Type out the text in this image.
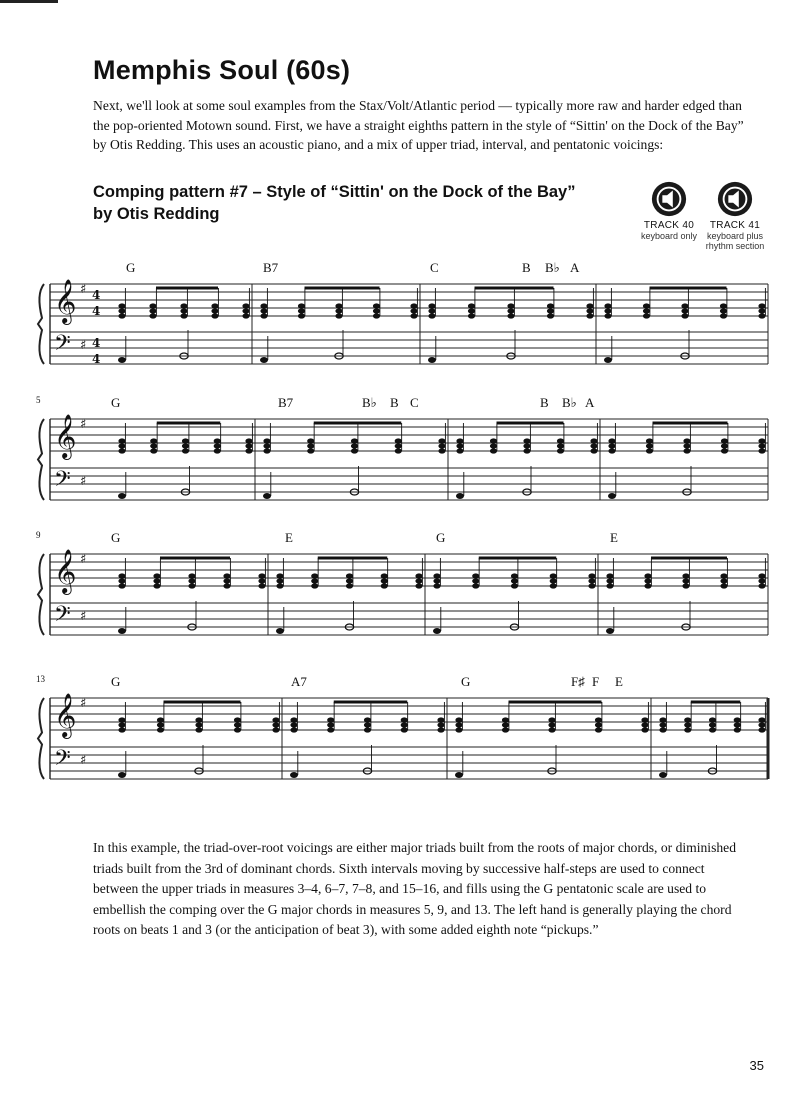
Memphis Soul (60s)

Next, we'll look at some soul examples from the Stax/Volt/Atlantic period — typically more raw and harder edged than the pop-oriented Motown sound. First, we have a straight eighths pattern in the style of “Sittin' on the Dock of the Bay” by Otis Redding. This uses an acoustic piano, and a mix of upper triad, interval, and pentatonic voicings:

Comping pattern #7 – Style of “Sittin' on the Dock of the Bay”
by Otis Redding
TRACK 40
keyboard only
TRACK 41
keyboard plus
rhythm section
𝄞
𝄢
♯
♯
4
4
4
4
G	B7	C	B B♭ A
𝄞
𝄢
♯
♯
5	G	B7	B♭ B C	B B♭ A
𝄞
𝄢
♯
♯
9	G	E	G	E
𝄞
𝄢
♯
♯
13	G	A7	G	F♯ F E

In this example, the triad-over-root voicings are either major triads built from the roots of major chords, or diminished triads built from the 3rd of dominant chords. Sixth intervals moving by successive half-steps are used to connect between the upper triads in measures 3–4, 6–7, 7–8, and 15–16, and fills using the G pentatonic scale are used to embellish the comping over the G major chords in measures 5, 9, and 13. The left hand is generally playing the chord roots on beats 1 and 3 (or the anticipation of beat 3), with some added eighth note “pickups.”

35
